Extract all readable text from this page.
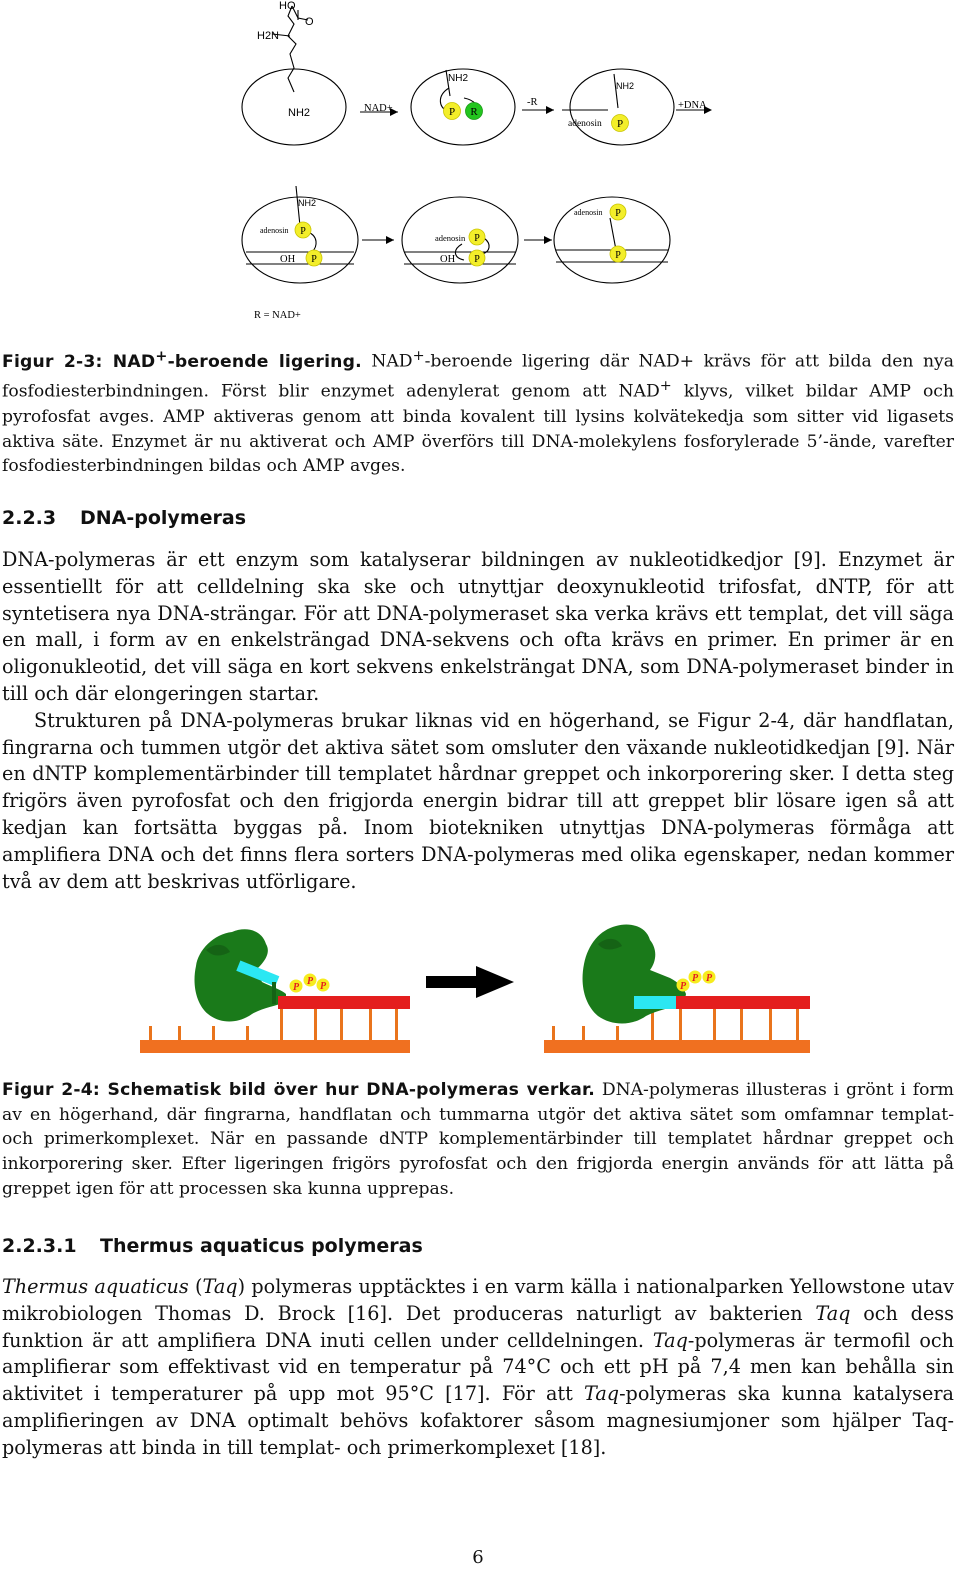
HO
O
H2N
NH2
NH2
NH2
NH2
NAD+
-R	+DNA
adenosin
adenosin
adenosin
adenosin
OH	OH
R = NAD+
P R
P
P
P
P
P
P
P
Figur 2-3: NAD+-beroende ligering. NAD+-beroende ligering där NAD+ krävs för att bilda den nya fosfodiesterbindningen. Först blir enzymet adenylerat genom att NAD+ klyvs, vilket bildar AMP och pyrofosfat avges. AMP aktiveras genom att binda kovalent till lysins kolvätekedja som sitter vid ligasets aktiva säte. Enzymet är nu aktiverat och AMP överförs till DNA-molekylens fosforylerade 5’-ände, varefter fosfodiesterbindningen bildas och AMP avges.
2.2.3 DNA-polymeras

DNA-polymeras är ett enzym som katalyserar bildningen av nukleotidkedjor [9]. Enzymet är essentiellt för att celldelning ska ske och utnyttjar deoxynukleotid trifosfat, dNTP, för att syntetisera nya DNA-strängar. För att DNA-polymeraset ska verka krävs ett templat, det vill säga en mall, i form av en enkelsträngad DNA-sekvens och ofta krävs en primer. En primer är en oligonukleotid, det vill säga en kort sekvens enkelsträngat DNA, som DNA-polymeraset binder in till och där elongeringen startar.

Strukturen på DNA-polymeras brukar liknas vid en högerhand, se Figur 2-4, där handflatan, fingrarna och tummen utgör det aktiva sätet som omsluter den växande nukleotidkedjan [9]. När en dNTP komplementärbinder till templatet hårdnar greppet och inkorporering sker. I detta steg frigörs även pyrofosfat och den frigjorda energin bidrar till att greppet blir lösare igen så att kedjan kan fortsätta byggas på. Inom biotekniken utnyttjas DNA-polymeras förmåga att amplifiera DNA och det finns flera sorters DNA-polymeras med olika egenskaper, nedan kommer två av dem att beskrivas utförligare.

P
P P	P
P P
Figur 2-4: Schematisk bild över hur DNA-polymeras verkar. DNA-polymeras illusteras i grönt i form av en högerhand, där fingrarna, handflatan och tummarna utgör det aktiva sätet som omfamnar templat- och primerkomplexet. När en passande dNTP komplementärbinder till templatet hårdnar greppet och inkorporering sker. Efter ligeringen frigörs pyrofosfat och den frigjorda energin används för att lätta på greppet igen för att processen ska kunna upprepas.
2.2.3.1 Thermus aquaticus polymeras

Thermus aquaticus (Taq) polymeras upptäcktes i en varm källa i nationalparken Yellowstone utav mikrobiologen Thomas D. Brock [16]. Det produceras naturligt av bakterien Taq och dess funktion är att amplifiera DNA inuti cellen under celldelningen. Taq-polymeras är termofil och amplifierar som effektivast vid en temperatur på 74°C och ett pH på 7,4 men kan behålla sin aktivitet i temperaturer på upp mot 95°C [17]. För att Taq-polymeras ska kunna katalysera amplifieringen av DNA optimalt behövs kofaktorer såsom magnesiumjoner som hjälper Taq-polymeras att binda in till templat- och primerkomplexet [18].

6
